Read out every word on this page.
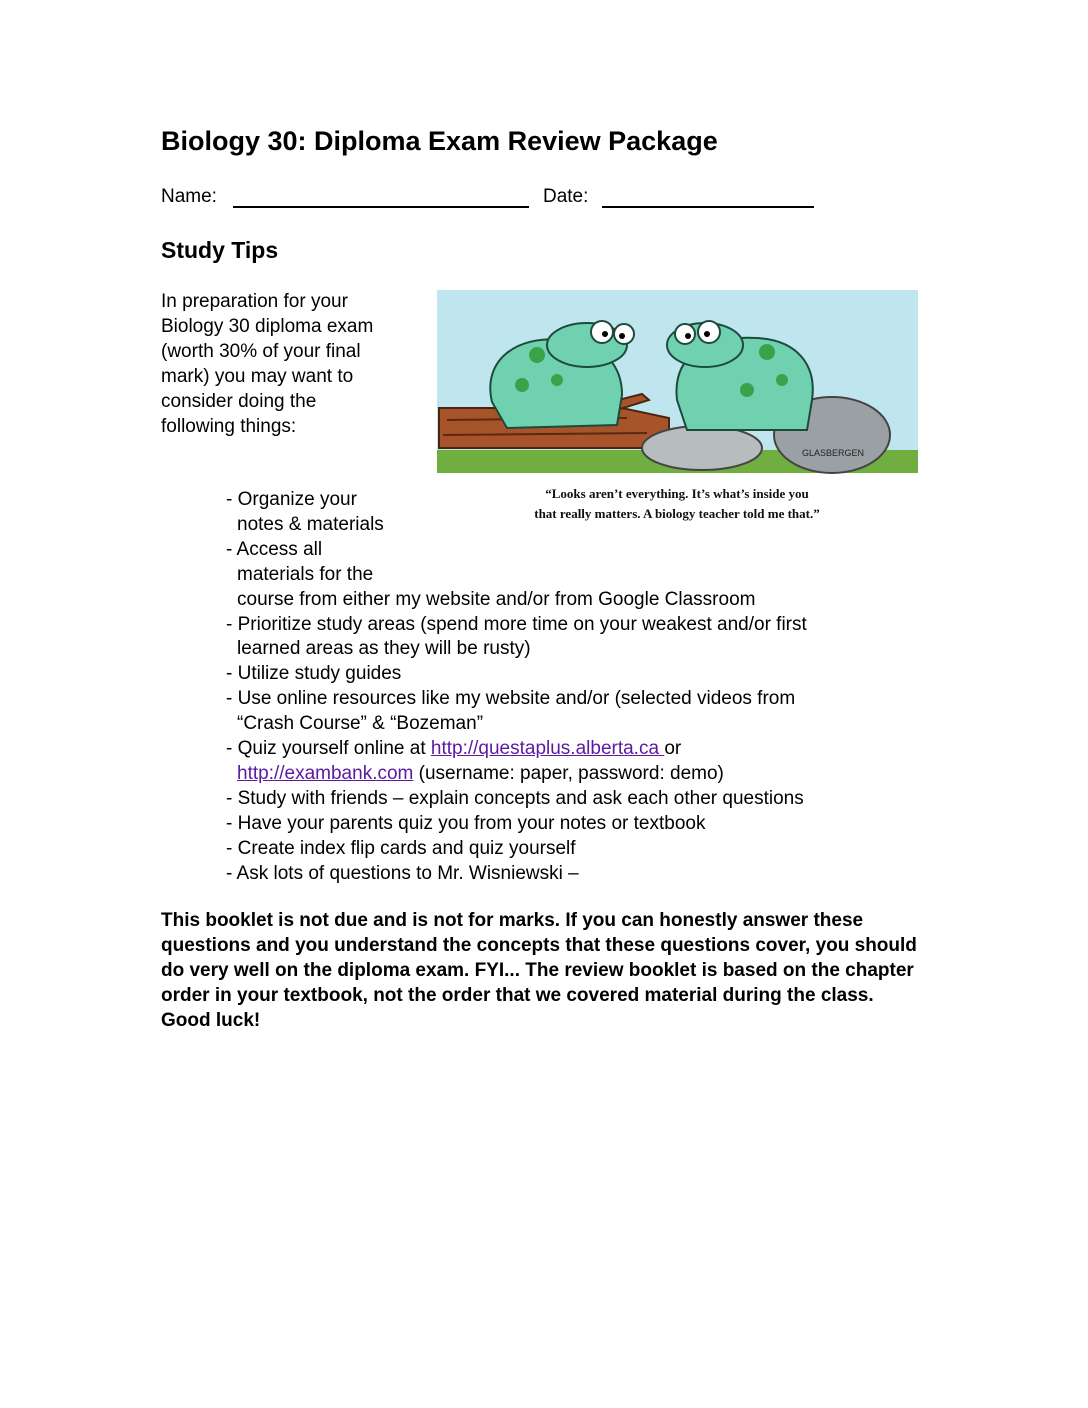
Biology 30: Diploma Exam Review Package
Name:	Date:
Study Tips

In preparation for your
Biology 30 diploma exam
(worth 30% of your final
mark) you may want to
consider doing the
following things:

GLASBERGEN
“Looks aren’t everything. It’s what’s inside you
that really matters. A biology teacher told me that.”
- Organize your
notes & materials
- Access all
materials for the
course from either my website and/or from Google Classroom
- Prioritize study areas (spend more time on your weakest and/or first
learned areas as they will be rusty)
- Utilize study guides
- Use online resources like my website and/or (selected videos from
“Crash Course” & “Bozeman”
- Quiz yourself online at http://questaplus.alberta.ca or
http://exambank.com (username: paper, password: demo)
- Study with friends – explain concepts and ask each other questions
- Have your parents quiz you from your notes or textbook
- Create index flip cards and quiz yourself
- Ask lots of questions to Mr. Wisniewski –

This booklet is not due and is not for marks. If you can honestly answer these questions and you understand the concepts that these questions cover, you should do very well on the diploma exam. FYI... The review booklet is based on the chapter order in your textbook, not the order that we covered material during the class. Good luck!
